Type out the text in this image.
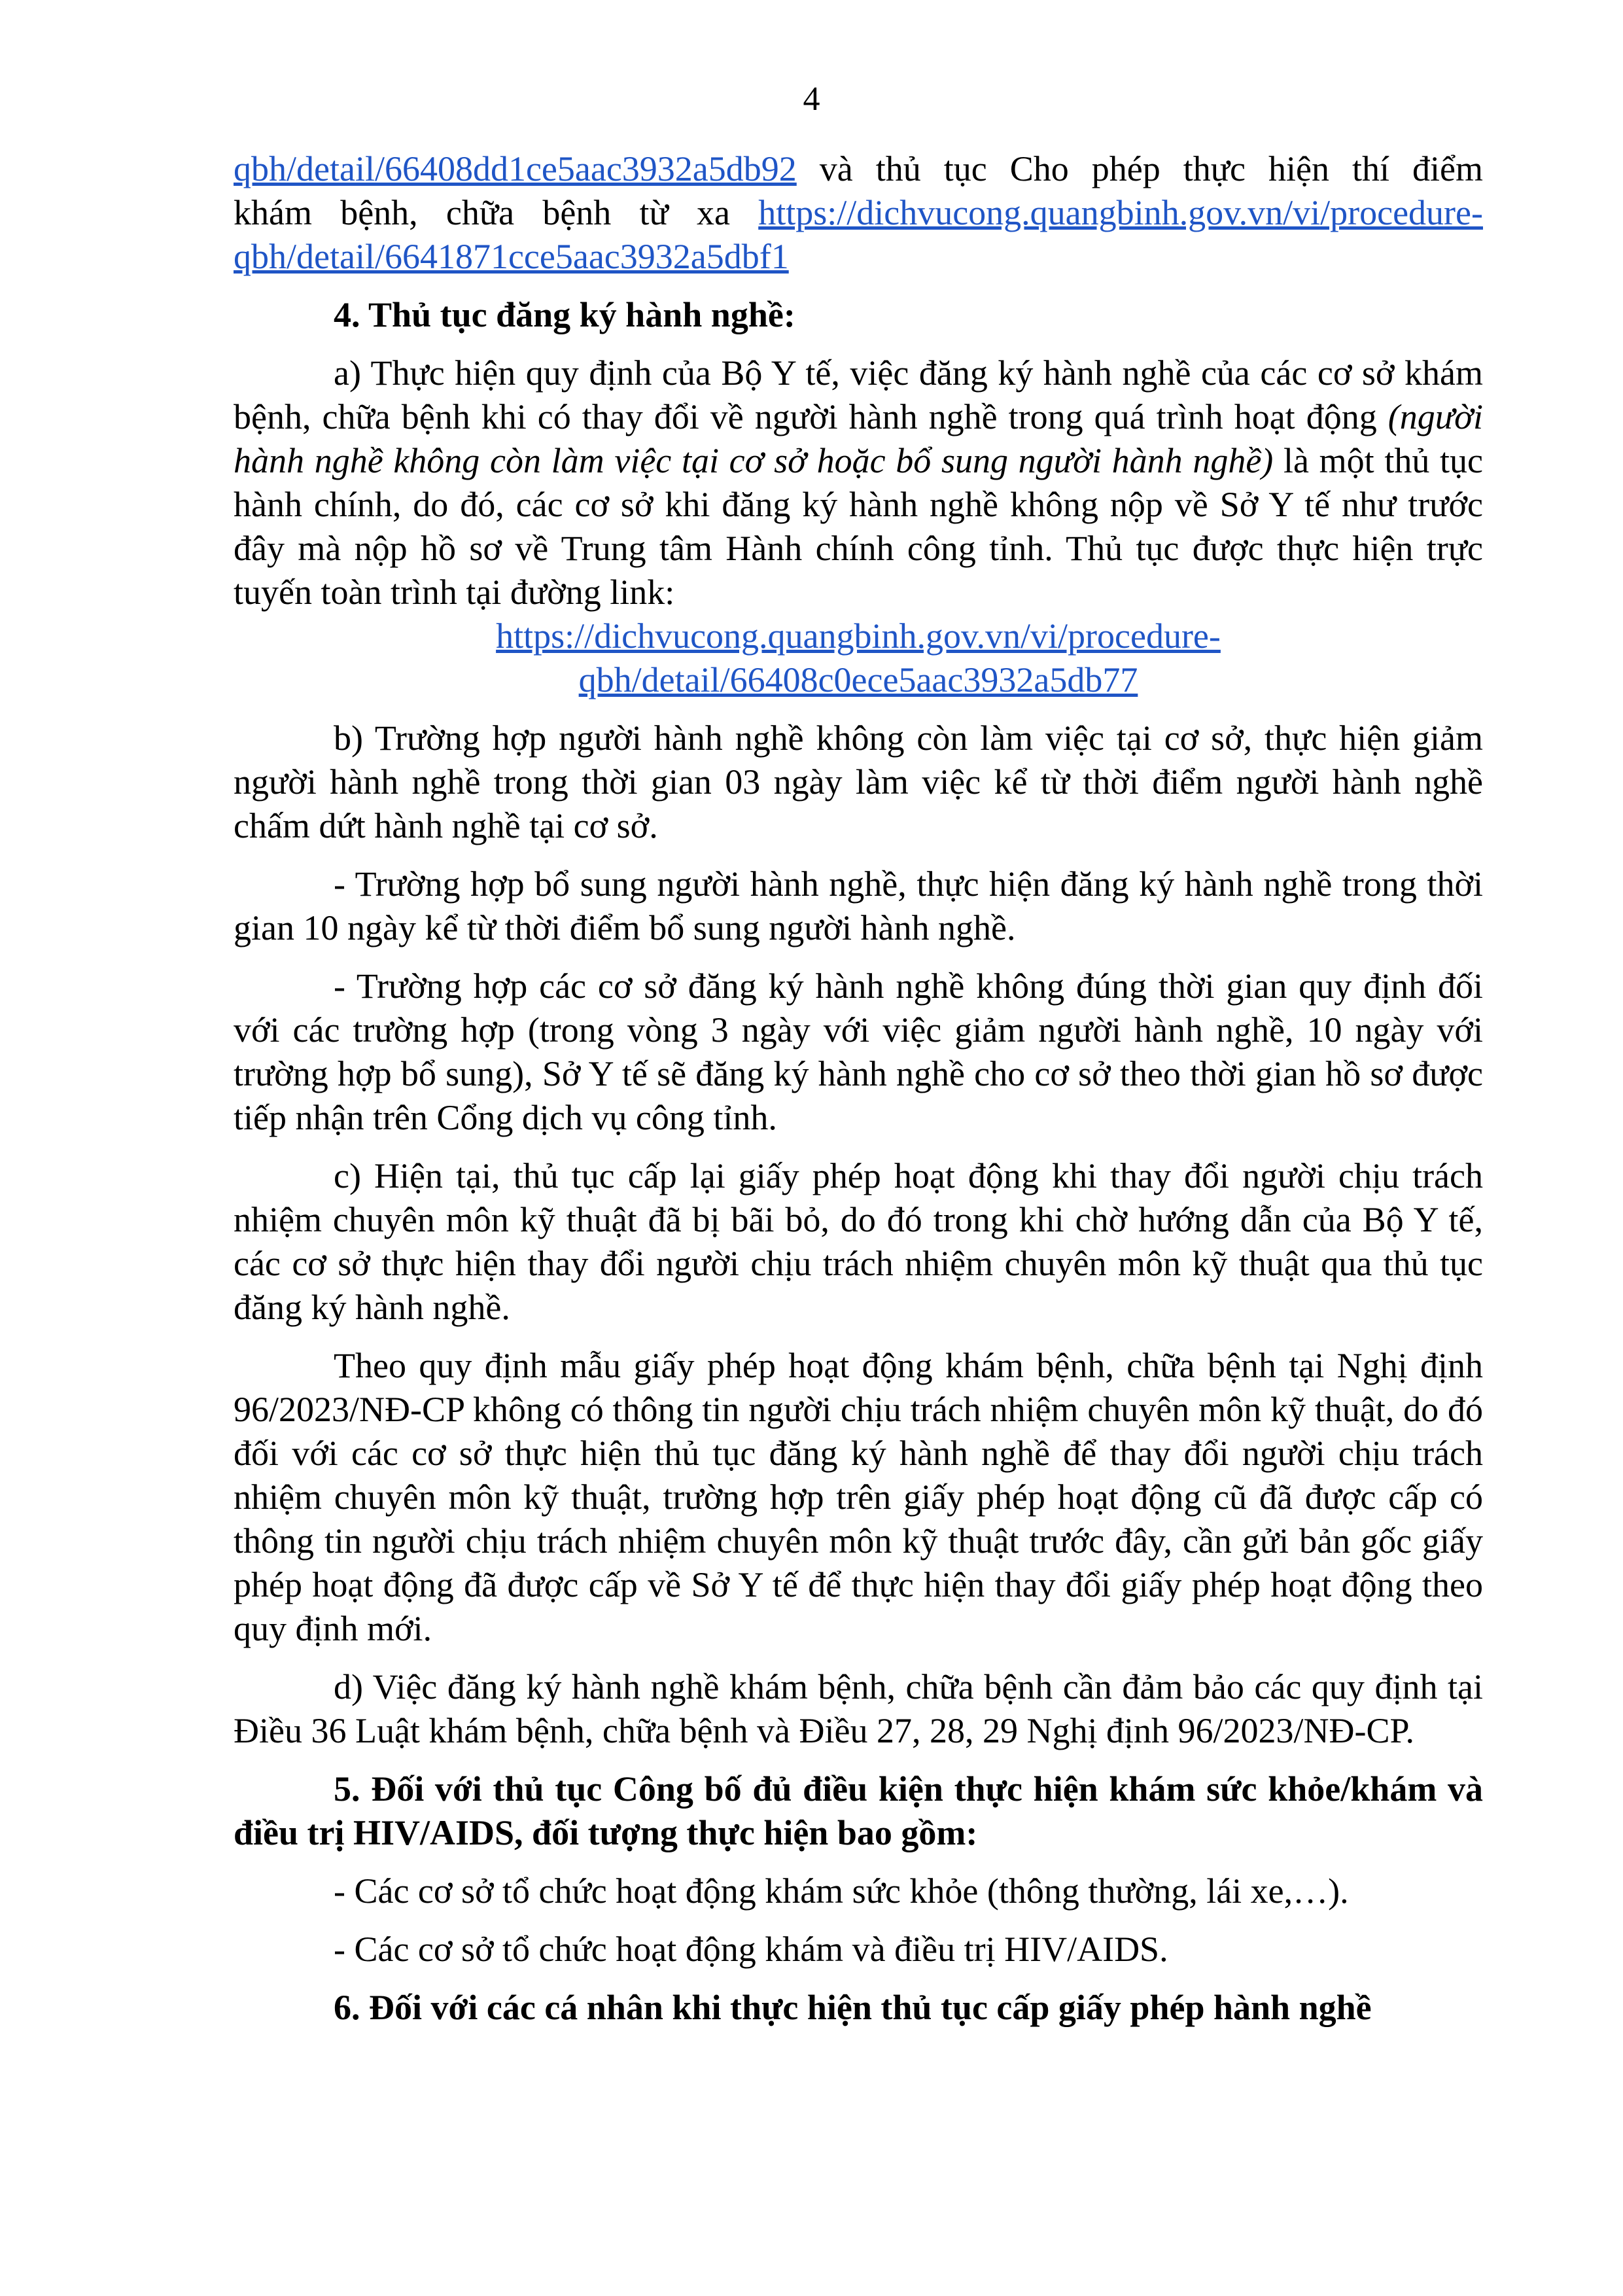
4

qbh/detail/66408dd1ce5aac3932a5db92 và thủ tục Cho phép thực hiện thí điểm
khám bệnh, chữa bệnh từ xa https://dichvucong.quangbinh.gov.vn/vi/procedure-
qbh/detail/6641871cce5aac3932a5dbf1

4. Thủ tục đăng ký hành nghề:

a) Thực hiện quy định của Bộ Y tế, việc đăng ký hành nghề của các cơ sở khám bệnh, chữa bệnh khi có thay đổi về người hành nghề trong quá trình hoạt động (người hành nghề không còn làm việc tại cơ sở hoặc bổ sung người hành nghề) là một thủ tục hành chính, do đó, các cơ sở khi đăng ký hành nghề không nộp về Sở Y tế như trước đây mà nộp hồ sơ về Trung tâm Hành chính công tỉnh. Thủ tục được thực hiện trực tuyến toàn trình tại đường link:

https://dichvucong.quangbinh.gov.vn/vi/procedure-
qbh/detail/66408c0ece5aac3932a5db77

b) Trường hợp người hành nghề không còn làm việc tại cơ sở, thực hiện giảm người hành nghề trong thời gian 03 ngày làm việc kể từ thời điểm người hành nghề chấm dứt hành nghề tại cơ sở.

- Trường hợp bổ sung người hành nghề, thực hiện đăng ký hành nghề trong thời gian 10 ngày kể từ thời điểm bổ sung người hành nghề.

- Trường hợp các cơ sở đăng ký hành nghề không đúng thời gian quy định đối với các trường hợp (trong vòng 3 ngày với việc giảm người hành nghề, 10 ngày với trường hợp bổ sung), Sở Y tế sẽ đăng ký hành nghề cho cơ sở theo thời gian hồ sơ được tiếp nhận trên Cổng dịch vụ công tỉnh.

c) Hiện tại, thủ tục cấp lại giấy phép hoạt động khi thay đổi người chịu trách nhiệm chuyên môn kỹ thuật đã bị bãi bỏ, do đó trong khi chờ hướng dẫn của Bộ Y tế, các cơ sở thực hiện thay đổi người chịu trách nhiệm chuyên môn kỹ thuật qua thủ tục đăng ký hành nghề.

Theo quy định mẫu giấy phép hoạt động khám bệnh, chữa bệnh tại Nghị định 96/2023/NĐ-CP không có thông tin người chịu trách nhiệm chuyên môn kỹ thuật, do đó đối với các cơ sở thực hiện thủ tục đăng ký hành nghề để thay đổi người chịu trách nhiệm chuyên môn kỹ thuật, trường hợp trên giấy phép hoạt động cũ đã được cấp có thông tin người chịu trách nhiệm chuyên môn kỹ thuật trước đây, cần gửi bản gốc giấy phép hoạt động đã được cấp về Sở Y tế để thực hiện thay đổi giấy phép hoạt động theo quy định mới.

d) Việc đăng ký hành nghề khám bệnh, chữa bệnh cần đảm bảo các quy định tại Điều 36 Luật khám bệnh, chữa bệnh và Điều 27, 28, 29 Nghị định 96/2023/NĐ-CP.

5. Đối với thủ tục Công bố đủ điều kiện thực hiện khám sức khỏe/khám và điều trị HIV/AIDS, đối tượng thực hiện bao gồm:

- Các cơ sở tổ chức hoạt động khám sức khỏe (thông thường, lái xe,…).

- Các cơ sở tổ chức hoạt động khám và điều trị HIV/AIDS.

6. Đối với các cá nhân khi thực hiện thủ tục cấp giấy phép hành nghề
